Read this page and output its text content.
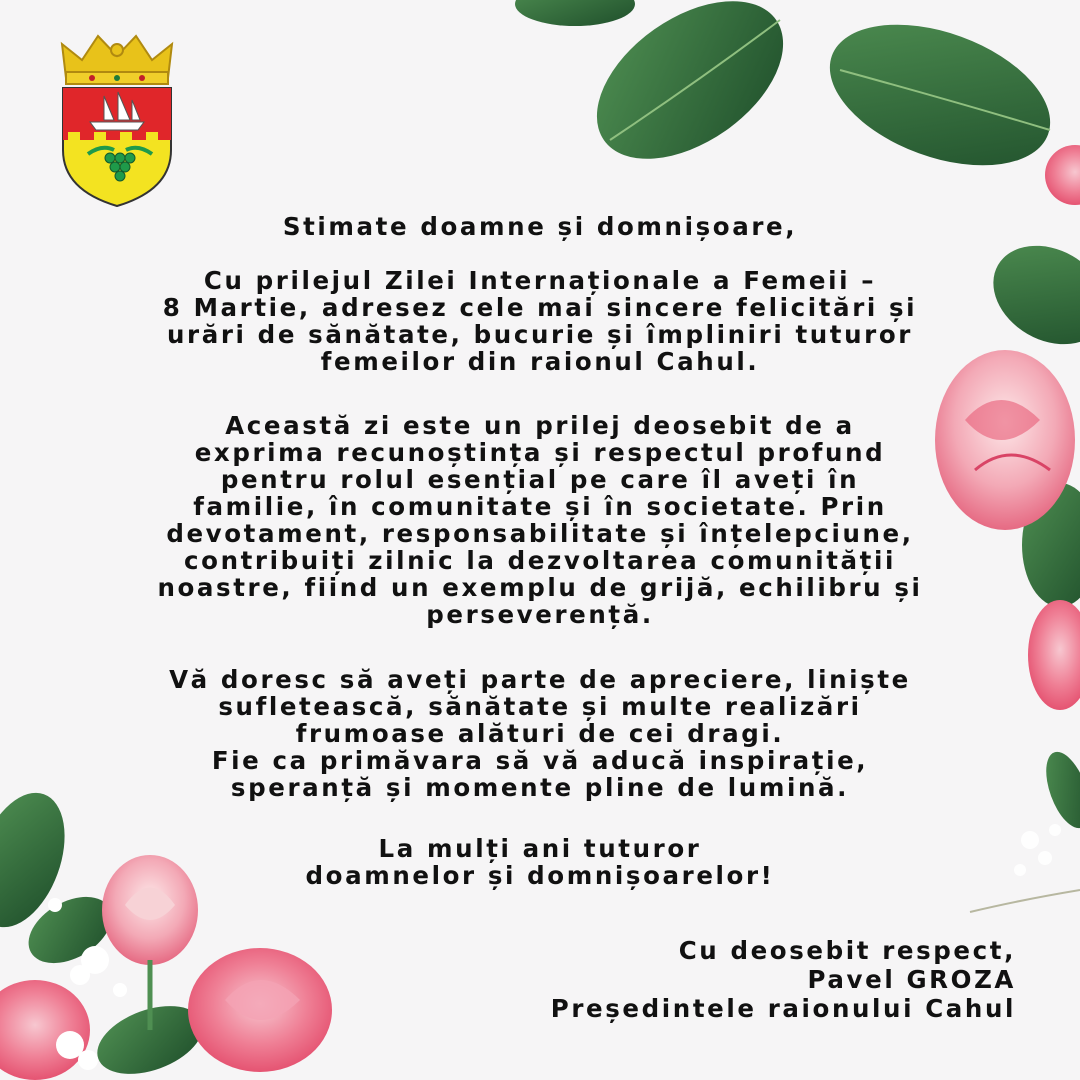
Stimate doamne și domnișoare,

Cu prilejul Zilei Internaționale a Femeii –
8 Martie, adresez cele mai sincere felicitări și
urări de sănătate, bucurie și împliniri tuturor
femeilor din raionul Cahul.

Această zi este un prilej deosebit de a
exprima recunoștința și respectul profund
pentru rolul esențial pe care îl aveți în
familie, în comunitate și în societate. Prin
devotament, responsabilitate și înțelepciune,
contribuiți zilnic la dezvoltarea comunității
noastre, fiind un exemplu de grijă, echilibru și
perseverență.

Vă doresc să aveți parte de apreciere, liniște
sufletească, sănătate și multe realizări
frumoase alături de cei dragi.
Fie ca primăvara să vă aducă inspirație,
speranță și momente pline de lumină.

La mulți ani tuturor
doamnelor și domnișoarelor!

Cu deosebit respect,
Pavel GROZA
Președintele raionului Cahul
